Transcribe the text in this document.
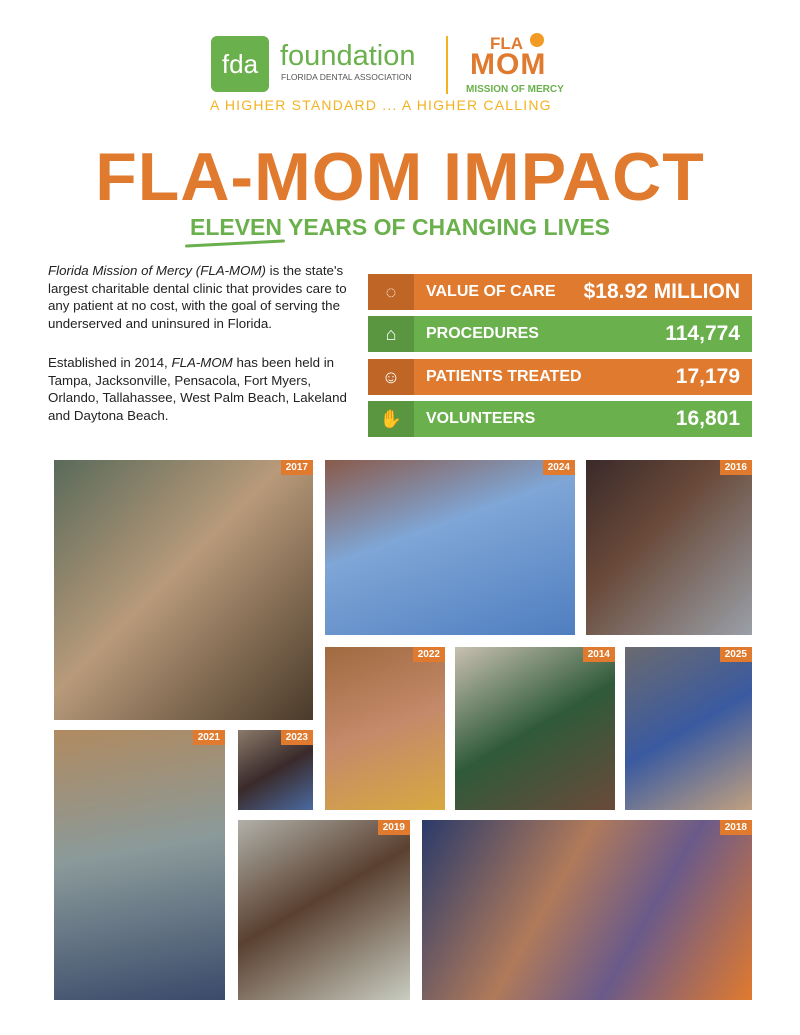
fda foundation
FLORIDA DENTAL ASSOCIATION
FLA
MOM
MISSION OF MERCY
A HIGHER STANDARD ... A HIGHER CALLING
FLA-MOM IMPACT
ELEVEN YEARS OF CHANGING LIVES

Florida Mission of Mercy (FLA-MOM) is the state's largest charitable dental clinic that provides care to any patient at no cost, with the goal of serving the underserved and uninsured in Florida.

Established in 2014, FLA-MOM has been held in Tampa, Jacksonville, Pensacola, Fort Myers, Orlando, Tallahassee, West Palm Beach, Lakeland and Daytona Beach.

◌	VALUE OF CARE	$18.92 MILLION
⌂	PROCEDURES	114,774
☺	PATIENTS TREATED	17,179
✋	VOLUNTEERS	16,801
2017	2024	2016
2022	2014	2025
2021	2023
2019	2018
